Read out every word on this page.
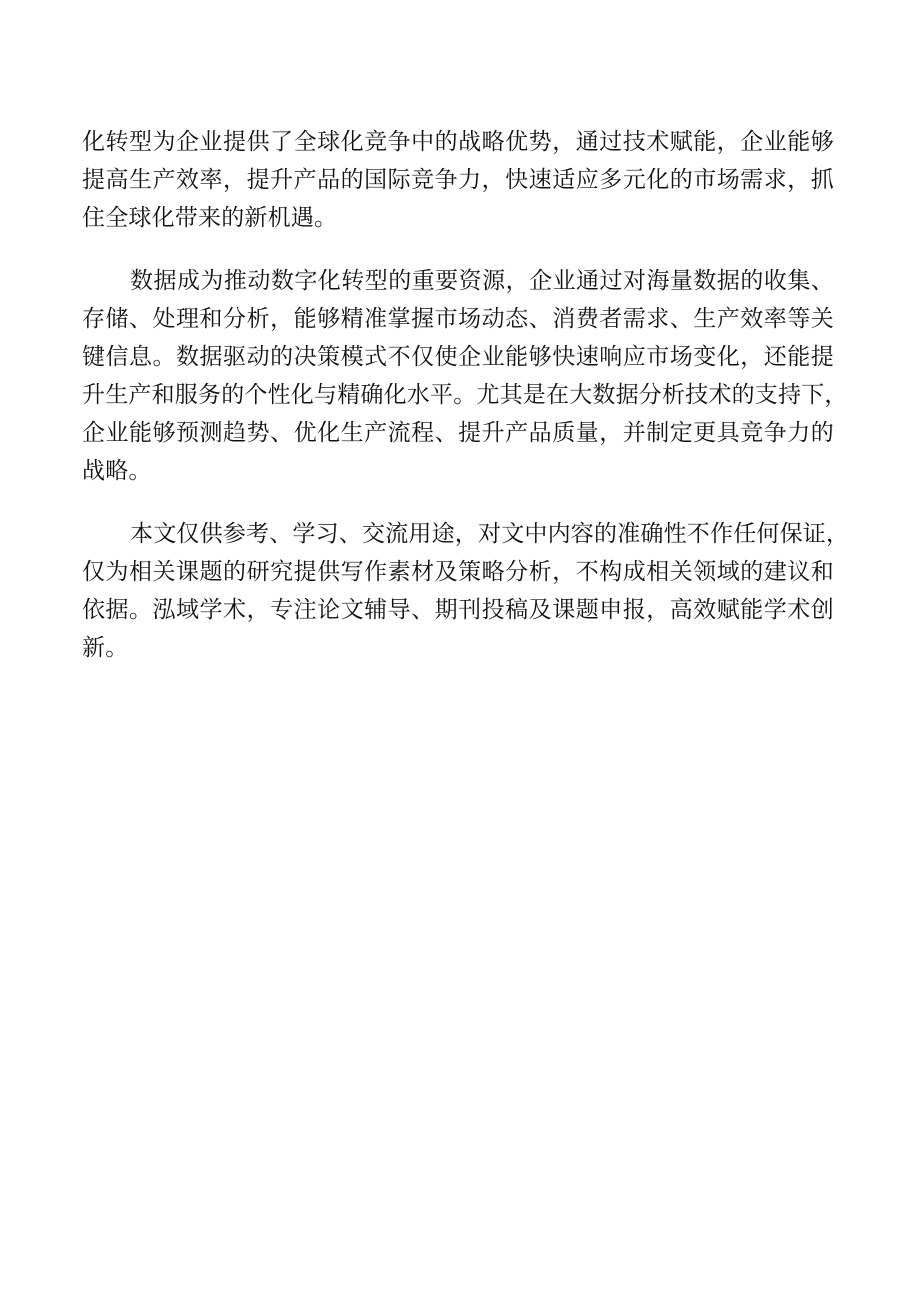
化转型为企业提供了全球化竞争中的战略优势，通过技术赋能，企业能够
提高生产效率，提升产品的国际竞争力，快速适应多元化的市场需求，抓
住全球化带来的新机遇。

数据成为推动数字化转型的重要资源，企业通过对海量数据的收集、
存储、处理和分析，能够精准掌握市场动态、消费者需求、生产效率等关
键信息。数据驱动的决策模式不仅使企业能够快速响应市场变化，还能提
升生产和服务的个性化与精确化水平。尤其是在大数据分析技术的支持下，
企业能够预测趋势、优化生产流程、提升产品质量，并制定更具竞争力的
战略。

本文仅供参考、学习、交流用途，对文中内容的准确性不作任何保证，
仅为相关课题的研究提供写作素材及策略分析，不构成相关领域的建议和
依据。泓域学术，专注论文辅导、期刊投稿及课题申报，高效赋能学术创
新。
